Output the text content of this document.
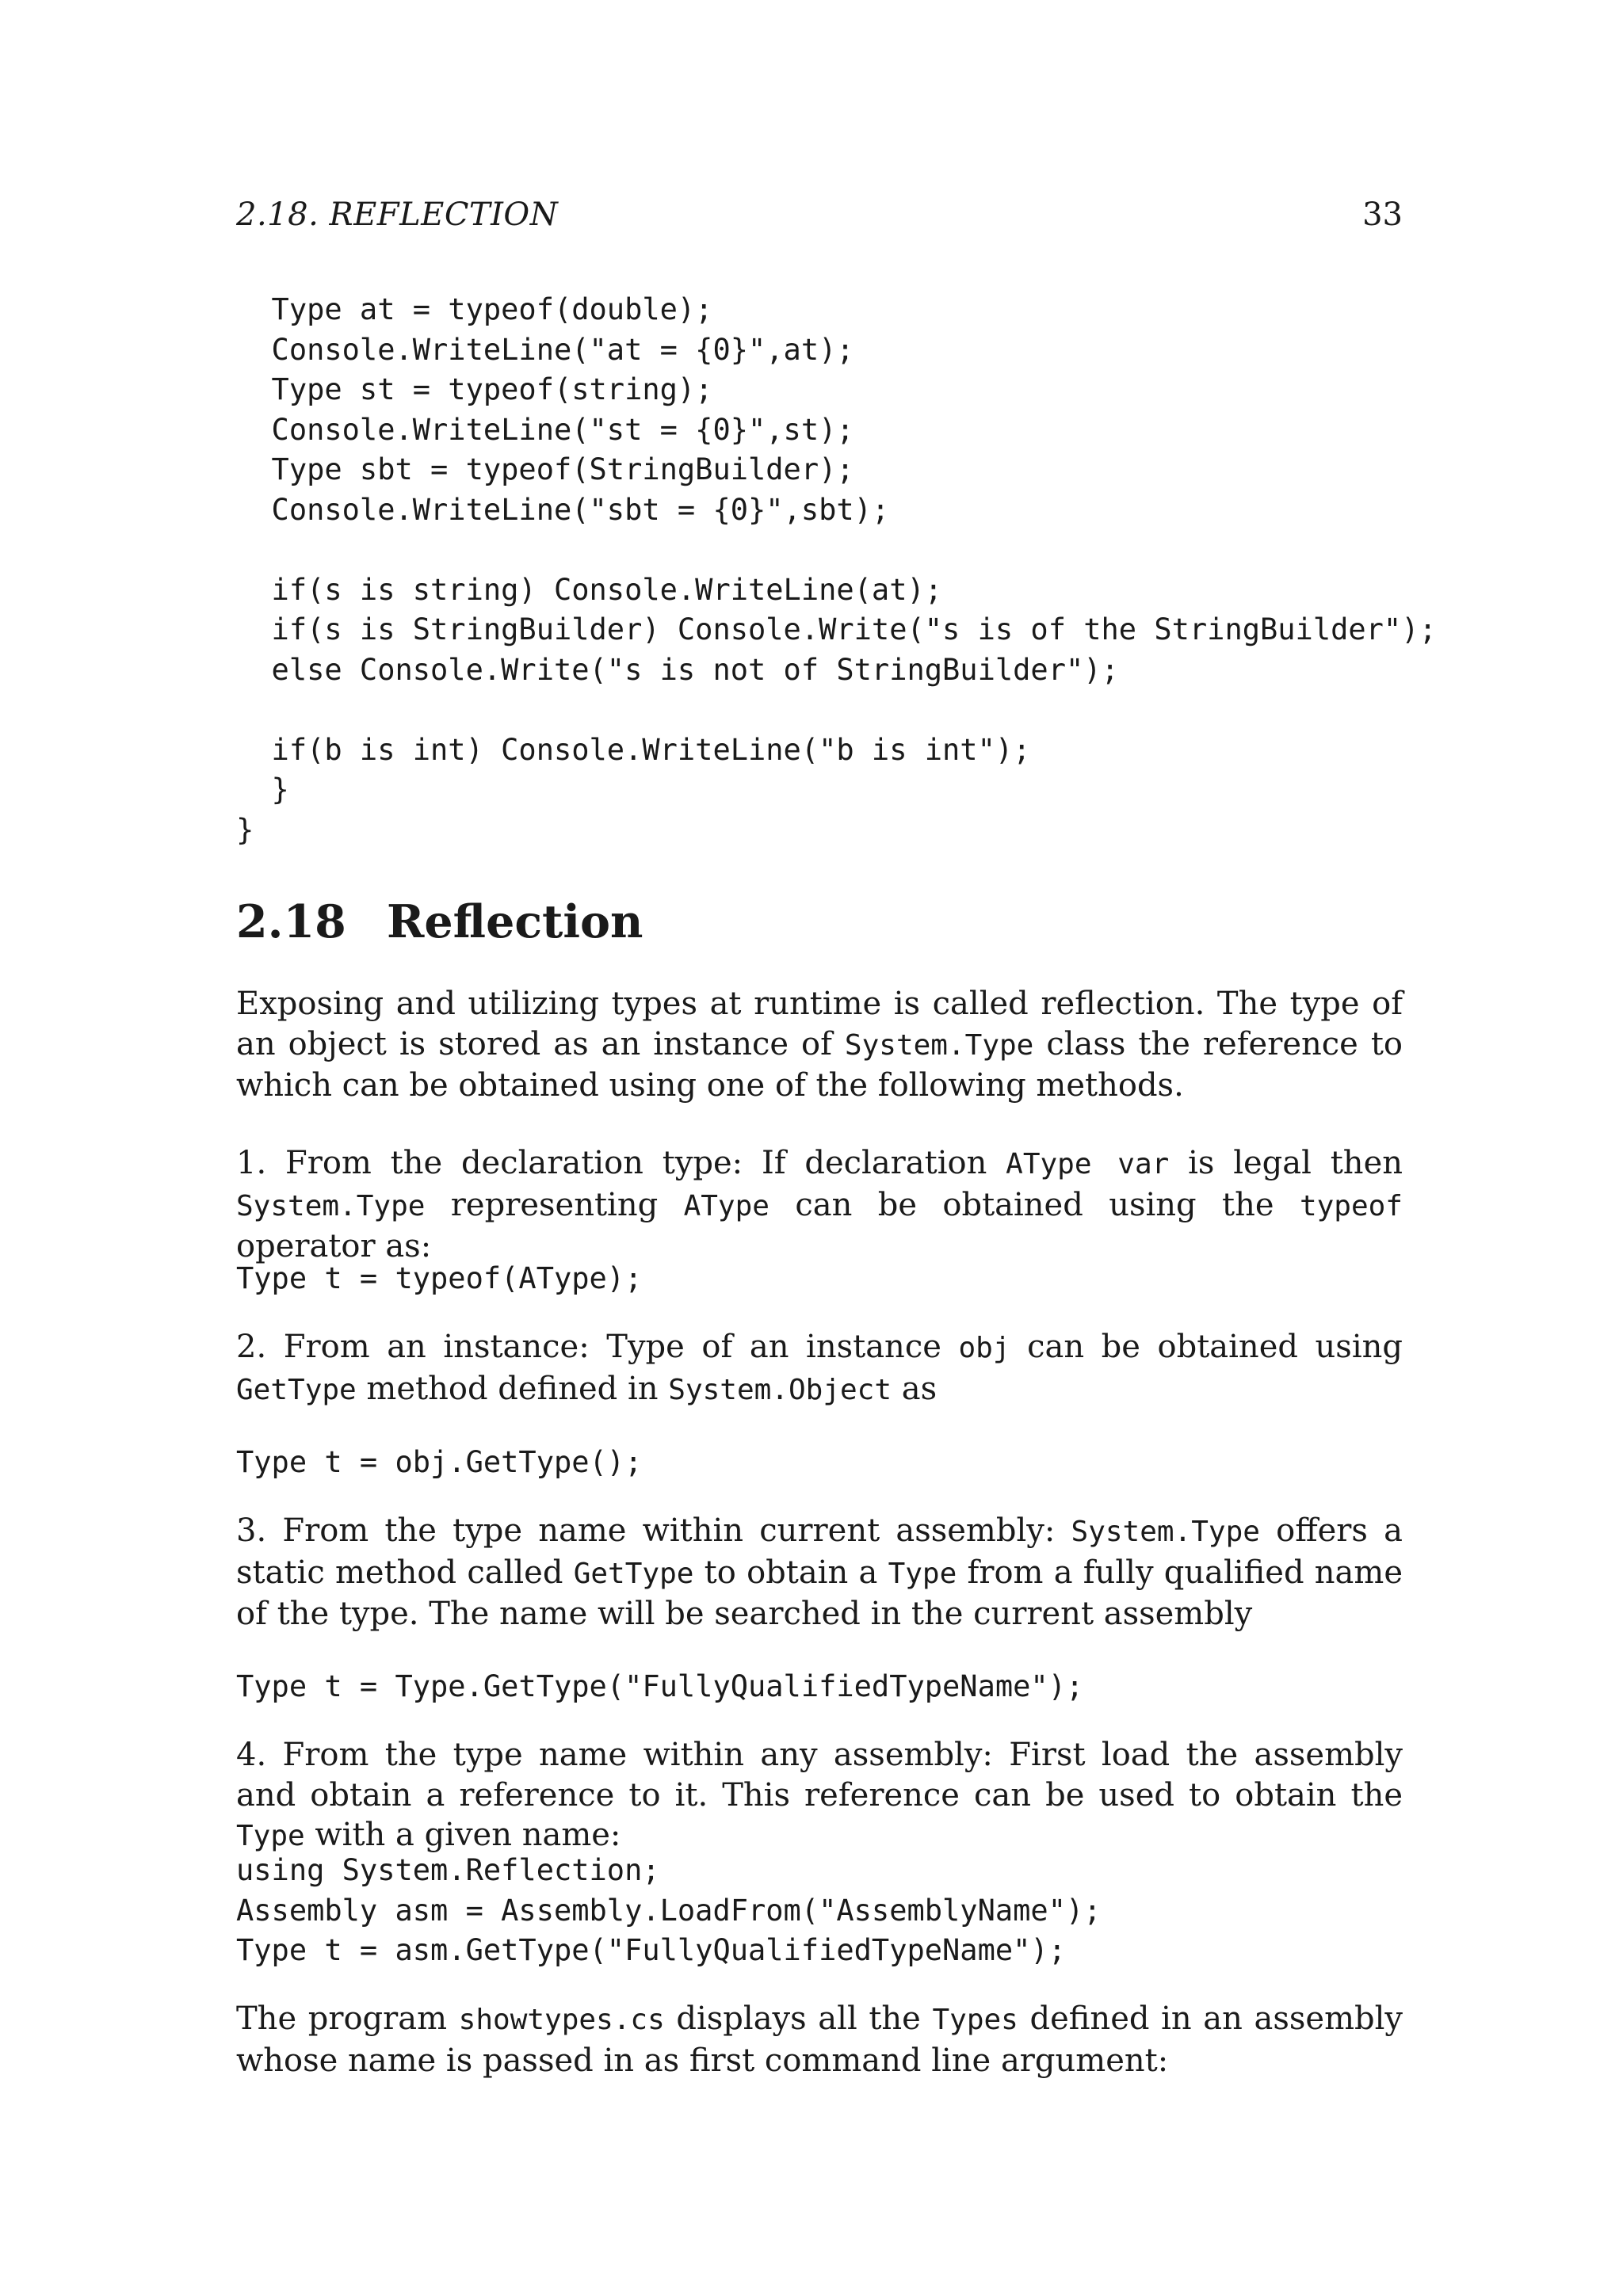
2.18. REFLECTION	33
Type at = typeof(double);
Console.WriteLine("at = {0}",at);
Type st = typeof(string);
Console.WriteLine("st = {0}",st);
Type sbt = typeof(StringBuilder);
Console.WriteLine("sbt = {0}",sbt);

if(s is string) Console.WriteLine(at);
if(s is StringBuilder) Console.Write("s is of the StringBuilder");
else Console.Write("s is not of StringBuilder");

if(b is int) Console.WriteLine("b is int");
}
}
2.18 Reflection

Exposing and utilizing types at runtime is called reflection. The type of an object is stored as an instance of System.Type class the reference to which can be obtained using one of the following methods.

1. From the declaration type: If declaration AType var is legal then System.Type representing AType can be obtained using the typeof operator as:

Type t = typeof(AType);

2. From an instance: Type of an instance obj can be obtained using GetType method defined in System.Object as

Type t = obj.GetType();

3. From the type name within current assembly: System.Type offers a static method called GetType to obtain a Type from a fully qualified name of the type. The name will be searched in the current assembly

Type t = Type.GetType("FullyQualifiedTypeName");

4. From the type name within any assembly: First load the assembly and obtain a reference to it. This reference can be used to obtain the Type with a given name:

using System.Reflection;
Assembly asm = Assembly.LoadFrom("AssemblyName");
Type t = asm.GetType("FullyQualifiedTypeName");

The program showtypes.cs displays all the Types defined in an assembly whose name is passed in as first command line argument:
